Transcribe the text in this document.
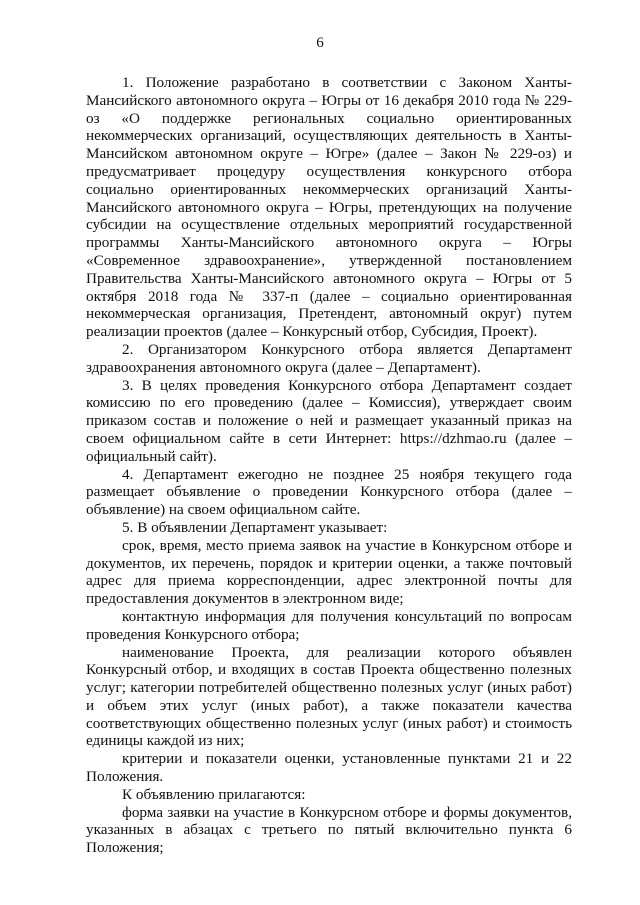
6

1. Положение разработано в соответствии с Законом Ханты-Мансийского автономного округа – Югры от 16 декабря 2010 года № 229-оз «О поддержке региональных социально ориентированных некоммерческих организаций, осуществляющих деятельность в Ханты-Мансийском автономном округе – Югре» (далее – Закон № 229-оз) и предусматривает процедуру осуществления конкурсного отбора социально ориентированных некоммерческих организаций Ханты-Мансийского автономного округа – Югры, претендующих на получение субсидии на осуществление отдельных мероприятий государственной программы Ханты-Мансийского автономного округа – Югры «Современное здравоохранение», утвержденной постановлением Правительства Ханты-Мансийского автономного округа – Югры от 5 октября 2018 года № 337-п (далее – социально ориентированная некоммерческая организация, Претендент, автономный округ) путем реализации проектов (далее – Конкурсный отбор, Субсидия, Проект).

2. Организатором Конкурсного отбора является Департамент здравоохранения автономного округа (далее – Департамент).

3. В целях проведения Конкурсного отбора Департамент создает комиссию по его проведению (далее – Комиссия), утверждает своим приказом состав и положение о ней и размещает указанный приказ на своем официальном сайте в сети Интернет: https://dzhmao.ru (далее – официальный сайт).

4. Департамент ежегодно не позднее 25 ноября текущего года размещает объявление о проведении Конкурсного отбора (далее – объявление) на своем официальном сайте.

5. В объявлении Департамент указывает:

срок, время, место приема заявок на участие в Конкурсном отборе и документов, их перечень, порядок и критерии оценки, а также почтовый адрес для приема корреспонденции, адрес электронной почты для предоставления документов в электронном виде;

контактную информация для получения консультаций по вопросам проведения Конкурсного отбора;

наименование Проекта, для реализации которого объявлен Конкурсный отбор, и входящих в состав Проекта общественно полезных услуг; категории потребителей общественно полезных услуг (иных работ) и объем этих услуг (иных работ), а также показатели качества соответствующих общественно полезных услуг (иных работ) и стоимость единицы каждой из них;

критерии и показатели оценки, установленные пунктами 21 и 22 Положения.

К объявлению прилагаются:

форма заявки на участие в Конкурсном отборе и формы документов, указанных в абзацах с третьего по пятый включительно пункта 6 Положения;
